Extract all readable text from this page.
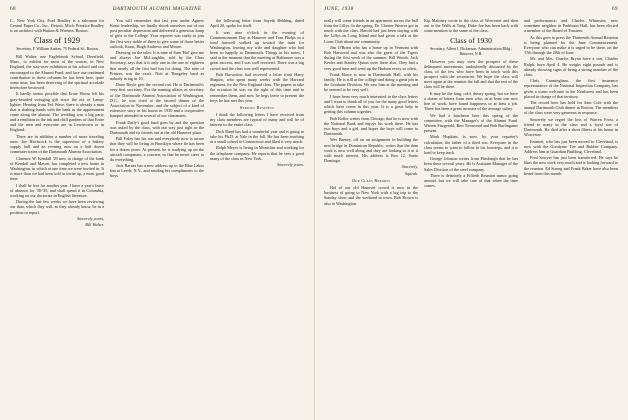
68	DARTMOUTH ALUMNI MAGAZINE

C., New York City. Ford Bradley is a salesman for Central Paper Co., Inc., Detroit, Mich. Prentice Bradley is an architect with Hutton & Wieners, Boston.

Class of 1929
Secretary, F. William Andres, 75 Federal St., Boston

Bill Walter, nee Eaglebrook School, Deerfield, Mass., to exhibit for most of the season, in New England, the stay-over exhibition at his school and our encouraged to the Alumni Fund, and face our continued contribution to these columns he has been here, quite some time, has been deserving of the spiritual accolade heretofore bestowed.

It hardly seems possible that Ernie Worm left his gray-bearded swinging gift since the era of Lamp-lighter. Hearing from Ted Wave, there is already a man that is shaking hands with the bank as the appointment came along the alumni. The wedding was a big party and a rendition in the ink and chill gardens of that Ernie and the men and everyone are in Lewistown or in England.

There are in addition a number of more traveling ones: Joe Hitchcock is the supervisor of a bakery supply half and an evening runs on a half dozen commuter trains of the Dartmouth Alumni Association.

Clarence W. Kendall '29 now in charge of the bank of Kendall and Mason, has completed a new home in Washington, in which at one time we were invited in. It is more than we had been told to invite up, a most good time.

I shall be free for another year. I have a year's leave of absence for '38-'39, and shall spend it in Columbia, working on our doctorate in English literature.

During the last few weeks we have been reviewing our data, which they will, as they already know, be in a position to report.

Sincerely yours,

Bill Walter.

You will remember that last year under Agnew Kraut leadership, we finally shook ourselves out of our post peculiar depression and delivered a generous lump of gifts to the College. Your reporter was ready to join the first very noble of three to give some of those better outlook, Kraut, Hugh Andrews and Moore.

Drawing on the tales: It is nine of Sam 'Hal' give me and always Joe McLaughlin, told by the Class Secretary, says that it is only one in the one of eighteen that nearly all the first had fun for doing. The note of Prinzer, was the exact. Nott at 'Rangeley hard as nobody in tag in 10.

Done Boyle gets the second rod. He is Dartmouth's very first secretary. For the naming affairs as secretary of the Dartmouth Alumni Association of Washington, D.C., he was cited at the second dinner of the Association in November, and the subject of a kind of extensive story in his house in 1930 and a cooperative banquet attended in several of our classmates.

Frank Daily's good fund goes by and the question was asked by the class, with our way just right to the Dartmouth and its friends out at the old Hanover place.

Bill Foley has his son and everybody now is aware that they will be living in Brooklyn where he has been for a dozen years. At present, he is studying up on the aircraft companies, a concern, so that he never cares to do everything.

Jack Barnes has a new address up to the Blue Lakes Inn at Leeds, N.Y., and sending his compliments to the boys.

the following letter from Sayeth Bebbing, dated April 20, spoke for itself.

It was nine o'clock in the evening of Commencement Day at Hanover and Tom Phelps in a fond farewell walked up toward the train for Washington, leaving my wife and daughter who had been so happily at Dartmouth. Things in his notes, I said at the moment that the meeting at Baltimore was a great success, and I was well received. There was a big crowd and the class was well represented.

Bob Brownlow had received a letter from Harry Shapiro, who spent many weeks with the Harvard regiment, for the New England class. The papers to take the occasion he was on the right of this time and to remember them, and now he begs leave to present the boys he has met this year.

Serious Business

I think the following letters I have received from my class members are typical of many and will be of interest to the entire class.

Dick Rand has had a wonderful year and is going to take his Ph.D. at Yale in the fall. He has been teaching at a small school in Connecticut and liked it very much.

Ralph Meyer is living in Montclair and working for the telephone company. He reports that he sees a good many of the class in New York.

Sincerely yours.

JUNE, 1938	69

really will come friends in an apartment across the hall from the Lillys. In the spring. Dr. Chester Weaver got in touch with the class. Harold had just been staying with the Lillys on Long Island and had given a talk at the Lions Club about our community.

Jim O'Brien who has a home up in Vermont with Bob Harwood and was also the guest of the Tigers during the first week of the summer. Bill Woods, Jack Keeler and Stanley Quinn were there also. They had a very good time and went up the Hudson every so often.

Frank Howe is now in Dartmouth Hall, with his family. He is still at the college and doing a great job in the Graduate Division. We saw him at the meeting and he seemed to be very well.

I have been very much interested in the class letters and I want to thank all of you for the many good letters which have come in this year. It is a great help in getting this column together.

Bob Keller writes from Chicago that he is now with the National Bank and enjoys his work there. He has two boys and a girl, and hopes the boys will come to Dartmouth.

Wes Barney, off on an assignment in building the new bridge in Dominican Republic, writes that the dam work is now well along and they are looking to it at it with much interest. His address is Box 12, Santo Domingo.

Sincerely,

Squeak.

Our Class Reports

Hal of our old Hanover crowd is now in the business of going to New York with a big trip to the Sunday show and the weekend in town. Bob Brown is also in Washington.

Kip Maloney wrote to the class of Worcester and then out to the Walls at Tong. Duke Joe has been back with some mention to the same of the class.

Class of 1930
Secretary, Albert I. Dickerson, Administration Bldg., Hanover, N.H.

However you may view the prospect of these delinquent movements, undoubtedly discussed by the class, of the few who have been in touch with this prospect with the secretariat. We hope the class will meet again at the reunion the fall and that the rest of the class will be there.

It may be the long, cold, dreary spring, but we have a dozen of letters from men who, in at least one new line of work, have found happiness or at least a job. There has been a great increase of the average salary.

We had a luncheon here this spring of the committee, with the Manager's of the Alumni Fund. Warren Fitzgerald, Bert Townsend and Bob Burlingame present.

Mark Hopkins, is now, by your reporter's calculation, the father of a third son. Everyone in the class seems to want to follow in his footsteps, and it is hard to keep track.

George Johnson writes from Pittsburgh that he has been there several years. He is Assistant Manager of the Sales Division of the steel company.

There is definitely a Fiftieth Reunion rumor going around, but we will take care of that when the time comes.

and performance; and Charles Whimster, now sometime neighbor in Parkhurst Hall, has been elected a member of the Board of Trustees.

As this goes to press the Thirteenth Annual Reunion is being planned for the June Commencement. Everyone who can make it is urged to be there, on the 17th through the 20th of June.

Mr. and Mrs. Charles Bryan have a son, Charles Ralph, born April 4. He weighs eight pounds and is already showing signs of being a strong member of the class.

Chris Cunningham, the first insurance representative of the National Inspection Company, has given a warm welcome in the Northwest and has been placed in charge of that territory.

The record here has held for Sam Cole with the annual Dartmouth Club dinner in Boston. The members of the class were very generous in response.

Sincerely we regret the loss of Warren Frost, a friend to many in the class and a loyal son of Dartmouth. He died after a short illness at his home in Worcester.

Emmett, who has just been moved to Cleveland, is now with the Goodyear Tire and Rubber Company. Address him at Guardian Building, Cleveland.

Fred Sawyer has just been transferred. He says he likes the new work very much and is looking forward to the reunion. Ed Strong and Frank Baker have also been heard from this month.
